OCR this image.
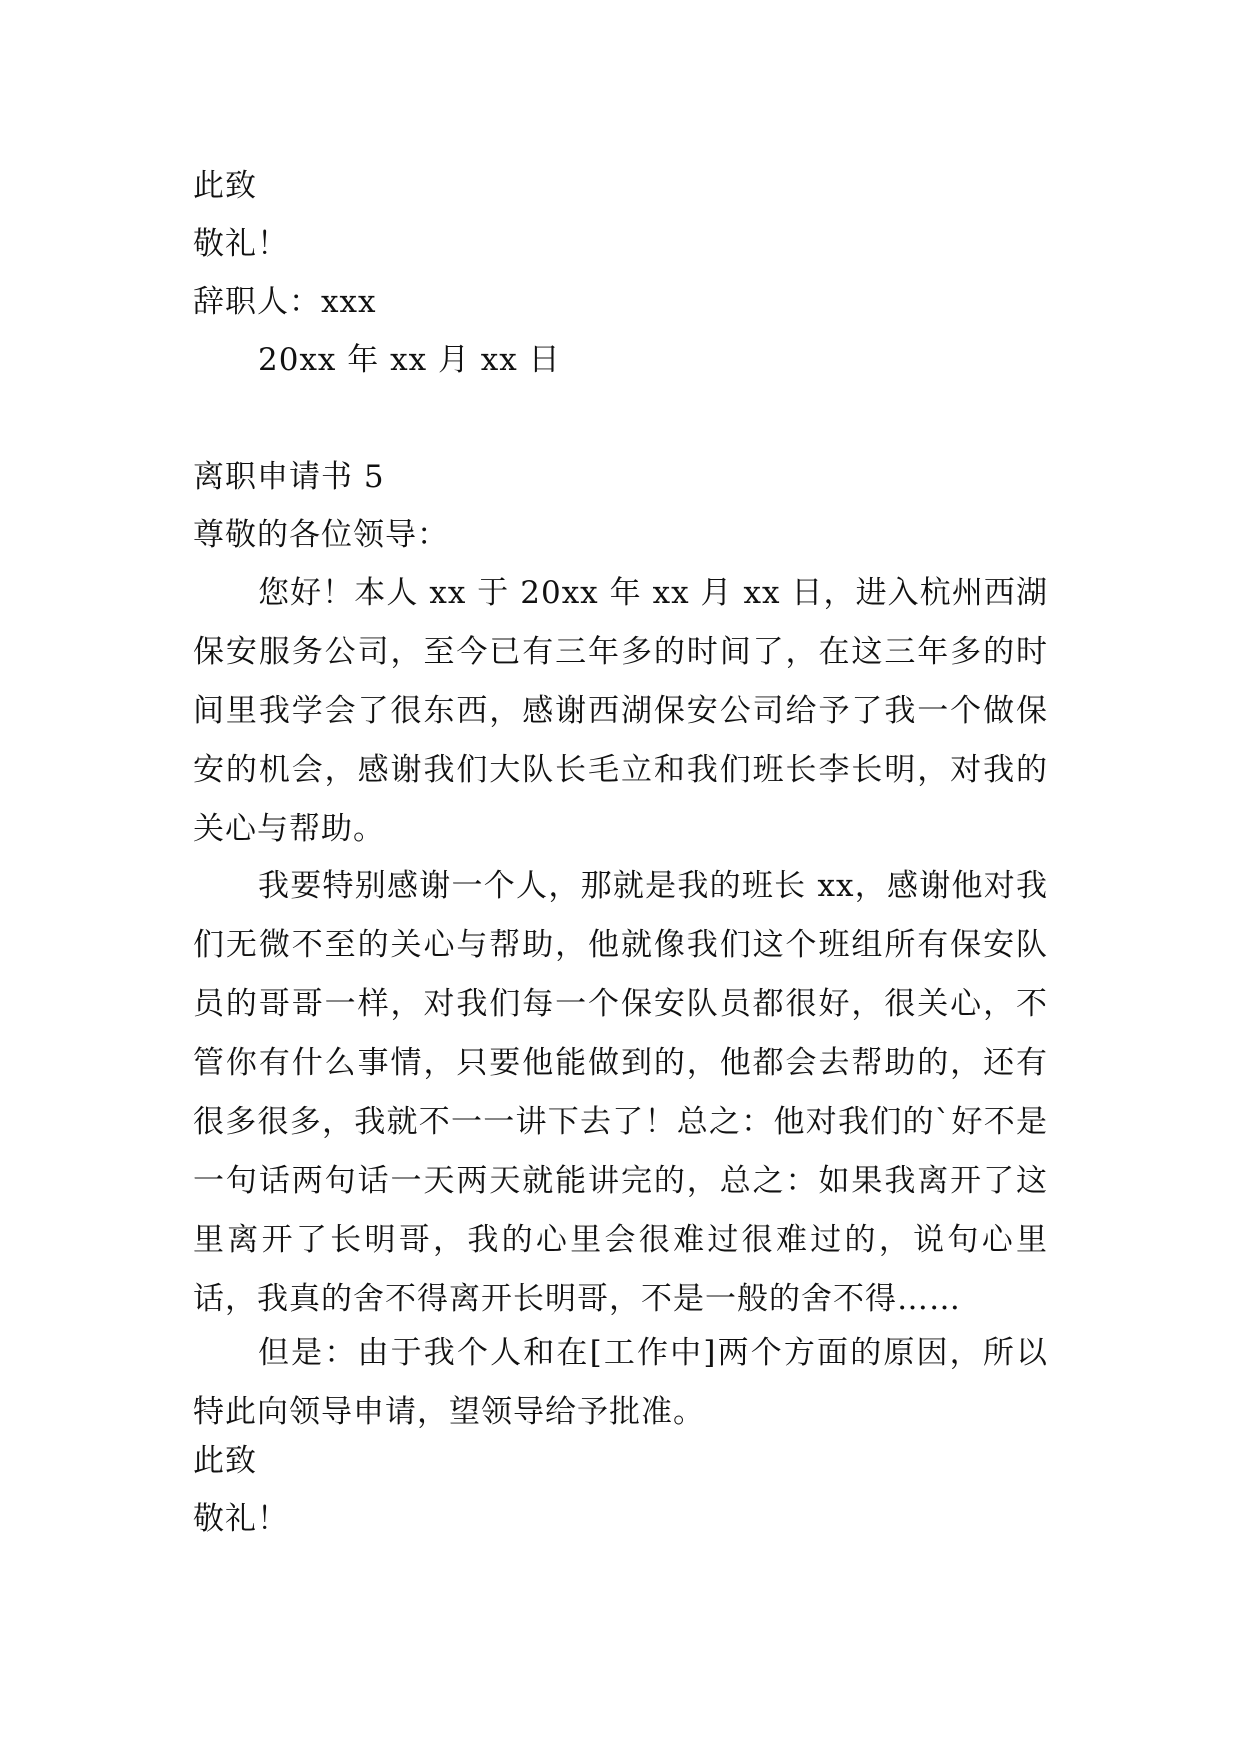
此致
敬礼！
辞职人：xxx
20xx 年 xx 月 xx 日
离职申请书 5
尊敬的各位领导：

您好！本人 xx 于 20xx 年 xx 月 xx 日，进入杭州西湖保安服务公司，至今已有三年多的时间了，在这三年多的时间里我学会了很东西，感谢西湖保安公司给予了我一个做保安的机会，感谢我们大队长毛立和我们班长李长明，对我的关心与帮助。

我要特别感谢一个人，那就是我的班长 xx，感谢他对我们无微不至的关心与帮助，他就像我们这个班组所有保安队员的哥哥一样，对我们每一个保安队员都很好，很关心，不管你有什么事情，只要他能做到的，他都会去帮助的，还有很多很多，我就不一一讲下去了！总之：他对我们的`好不是一句话两句话一天两天就能讲完的，总之：如果我离开了这里离开了长明哥，我的心里会很难过很难过的，说句心里话，我真的舍不得离开长明哥，不是一般的舍不得……

但是：由于我个人和在[工作中]两个方面的原因，所以特此向领导申请，望领导给予批准。

此致
敬礼！
